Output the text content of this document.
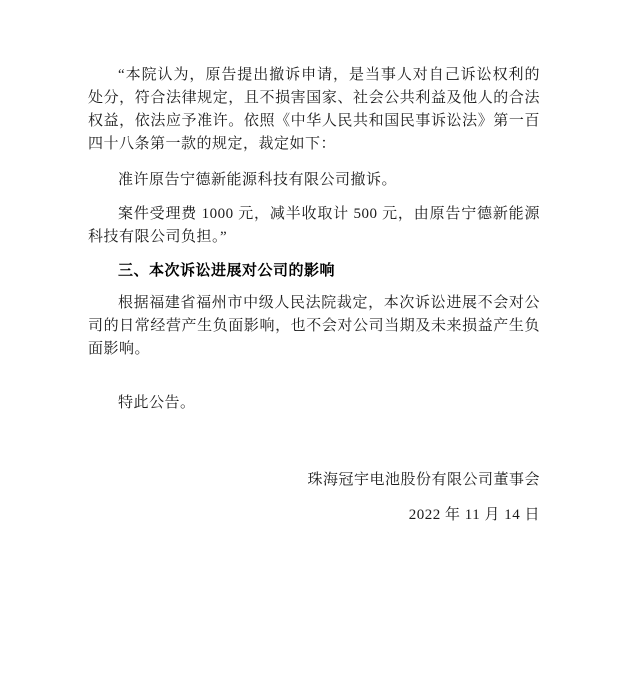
“本院认为，原告提出撤诉申请，是当事人对自己诉讼权利的处分，符合法律规定，且不损害国家、社会公共利益及他人的合法权益，依法应予准许。依照《中华人民共和国民事诉讼法》第一百四十八条第一款的规定，裁定如下：

准许原告宁德新能源科技有限公司撤诉。

案件受理费 1000 元，减半收取计 500 元，由原告宁德新能源科技有限公司负担。”

三、本次诉讼进展对公司的影响

根据福建省福州市中级人民法院裁定，本次诉讼进展不会对公司的日常经营产生负面影响，也不会对公司当期及未来损益产生负面影响。

特此公告。

珠海冠宇电池股份有限公司董事会

2022 年 11 月 14 日
